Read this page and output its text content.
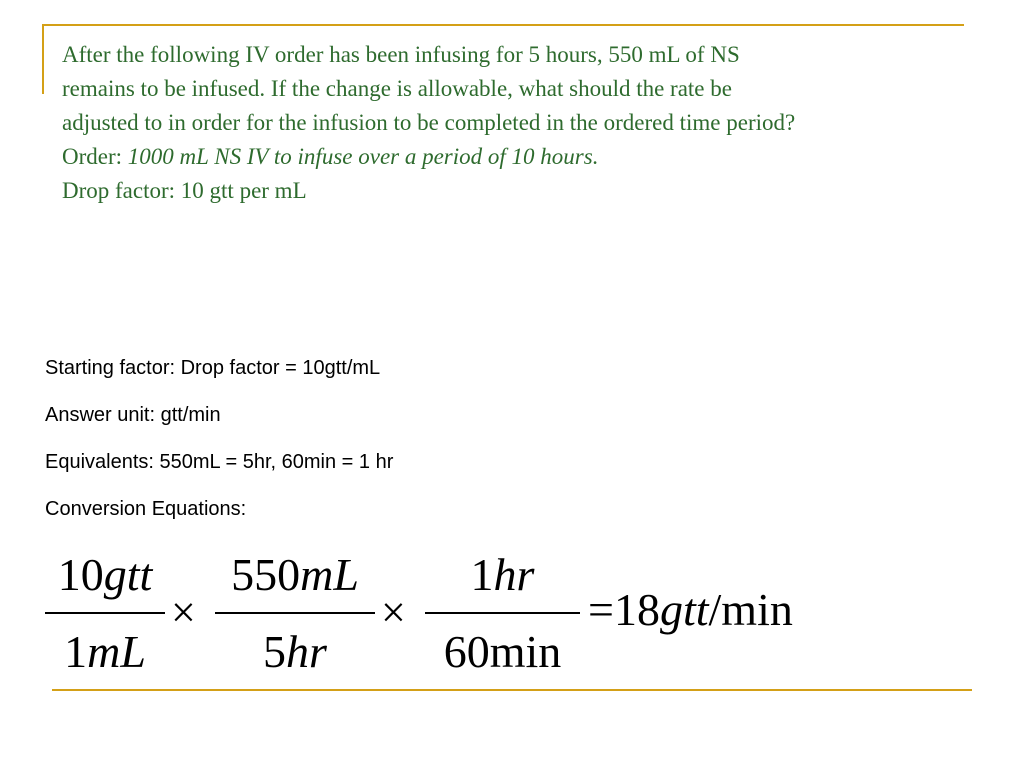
After the following IV order has been infusing for 5 hours, 550 mL of NS
remains to be infused. If the change is allowable, what should the rate be
adjusted to in order for the infusion to be completed in the ordered time period?
Order: 1000 mL NS IV to infuse over a period of 10 hours.
Drop factor: 10 gtt per mL
Starting factor: Drop factor = 10gtt/mL
Answer unit: gtt/min
Equivalents: 550mL = 5hr, 60min = 1 hr
Conversion Equations:
10gtt
1mL
×
550mL
5hr
×
1hr
60min
=18gtt/min
